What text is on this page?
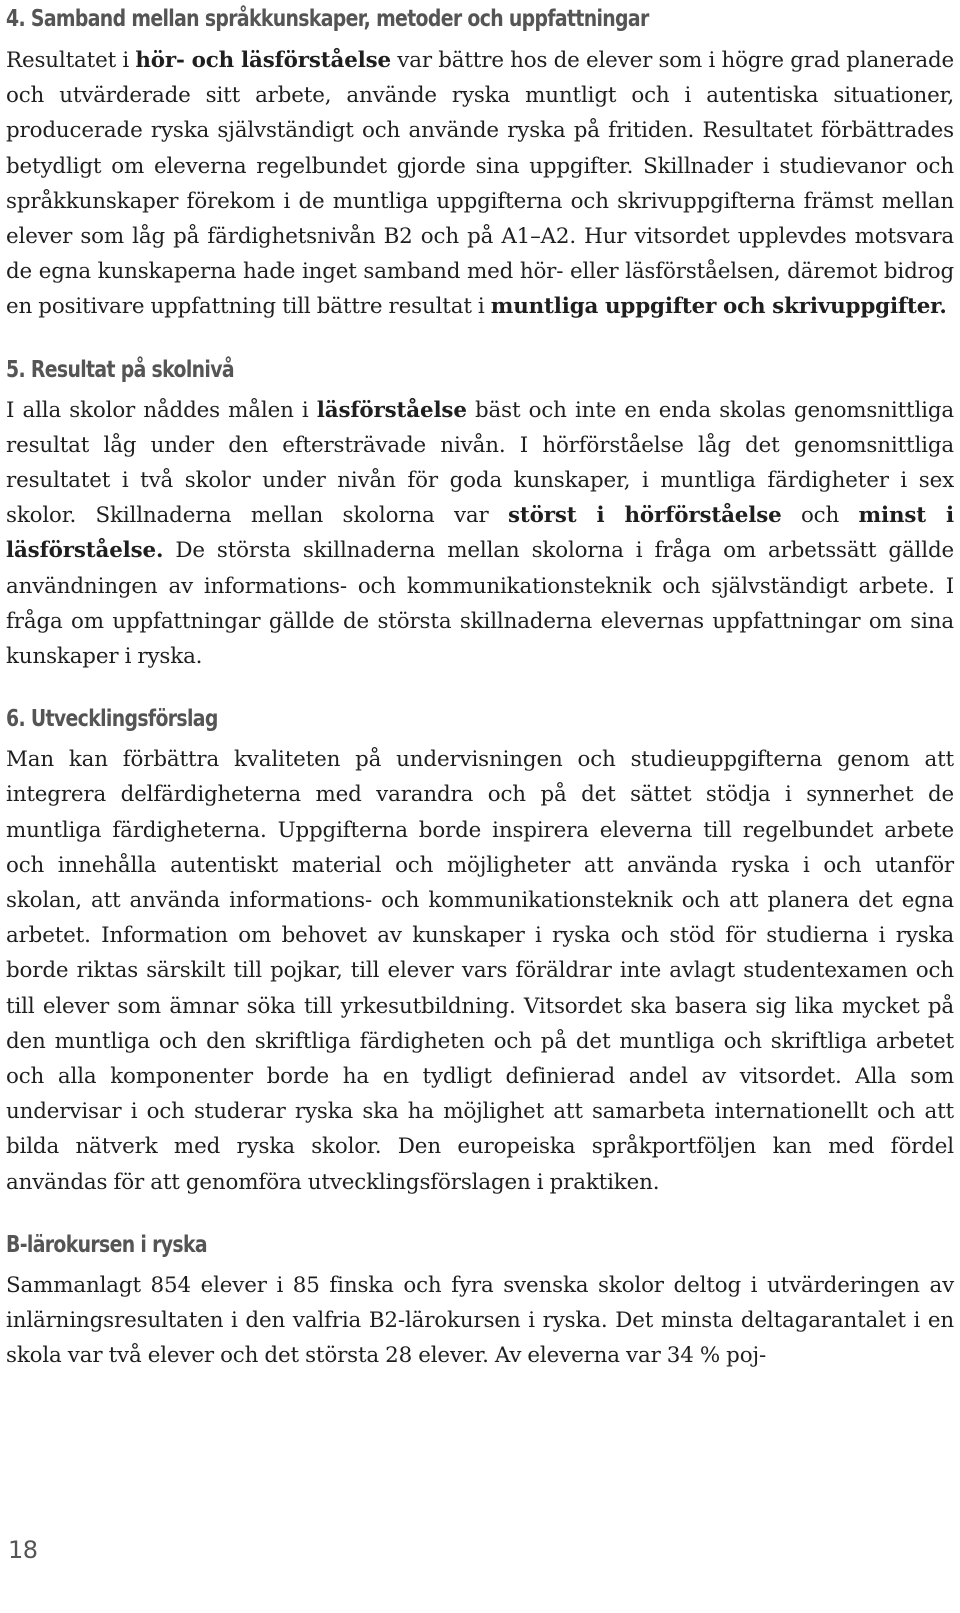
4. Samband mellan språkkunskaper, metoder och uppfattningar

Resultatet i hör- och läsförståelse var bättre hos de elever som i högre grad planerade och utvärderade sitt arbete, använde ryska muntligt och i autentiska situationer, producerade ryska självständigt och använde ryska på fritiden. Resultatet förbättrades betydligt om eleverna regelbundet gjorde sina uppgifter. Skillnader i studievanor och språkkunskaper förekom i de muntliga uppgifterna och skrivuppgifterna främst mellan elever som låg på färdighetsnivån B2 och på A1–A2. Hur vitsordet upplevdes motsvara de egna kunskaperna hade inget samband med hör- eller läsförståelsen, däremot bidrog en positivare uppfattning till bättre resultat i muntliga uppgifter och skrivuppgifter.

5. Resultat på skolnivå

I alla skolor nåddes målen i läsförståelse bäst och inte en enda skolas genomsnittliga resultat låg under den eftersträvade nivån. I hörförståelse låg det genomsnittliga resultatet i två skolor under nivån för goda kunskaper, i muntliga färdigheter i sex skolor. Skillnaderna mellan skolorna var störst i hörförståelse och minst i läsförståelse. De största skillnaderna mellan skolorna i fråga om arbetssätt gällde användningen av informations- och kommunikationsteknik och självständigt arbete. I fråga om uppfattningar gällde de största skillnaderna elevernas uppfattningar om sina kunskaper i ryska.

6. Utvecklingsförslag

Man kan förbättra kvaliteten på undervisningen och studieuppgifterna genom att integrera delfärdigheterna med varandra och på det sättet stödja i synnerhet de muntliga färdigheterna. Uppgifterna borde inspirera eleverna till regelbundet arbete och innehålla autentiskt material och möjligheter att använda ryska i och utanför skolan, att använda informations- och kommunikationsteknik och att planera det egna arbetet. Information om behovet av kunskaper i ryska och stöd för studierna i ryska borde riktas särskilt till pojkar, till elever vars föräldrar inte avlagt studentexamen och till elever som ämnar söka till yrkesutbildning. Vitsordet ska basera sig lika mycket på den muntliga och den skriftliga färdigheten och på det muntliga och skriftliga arbetet och alla komponenter borde ha en tydligt definierad andel av vitsordet. Alla som undervisar i och studerar ryska ska ha möjlighet att samarbeta internationellt och att bilda nätverk med ryska skolor. Den europeiska språkportföljen kan med fördel användas för att genomföra utvecklingsförslagen i praktiken.

B-lärokursen i ryska

Sammanlagt 854 elever i 85 finska och fyra svenska skolor deltog i utvärderingen av inlärningsresultaten i den valfria B2-lärokursen i ryska. Det minsta deltagarantalet i en skola var två elever och det största 28 elever. Av eleverna var 34 % poj-

18
